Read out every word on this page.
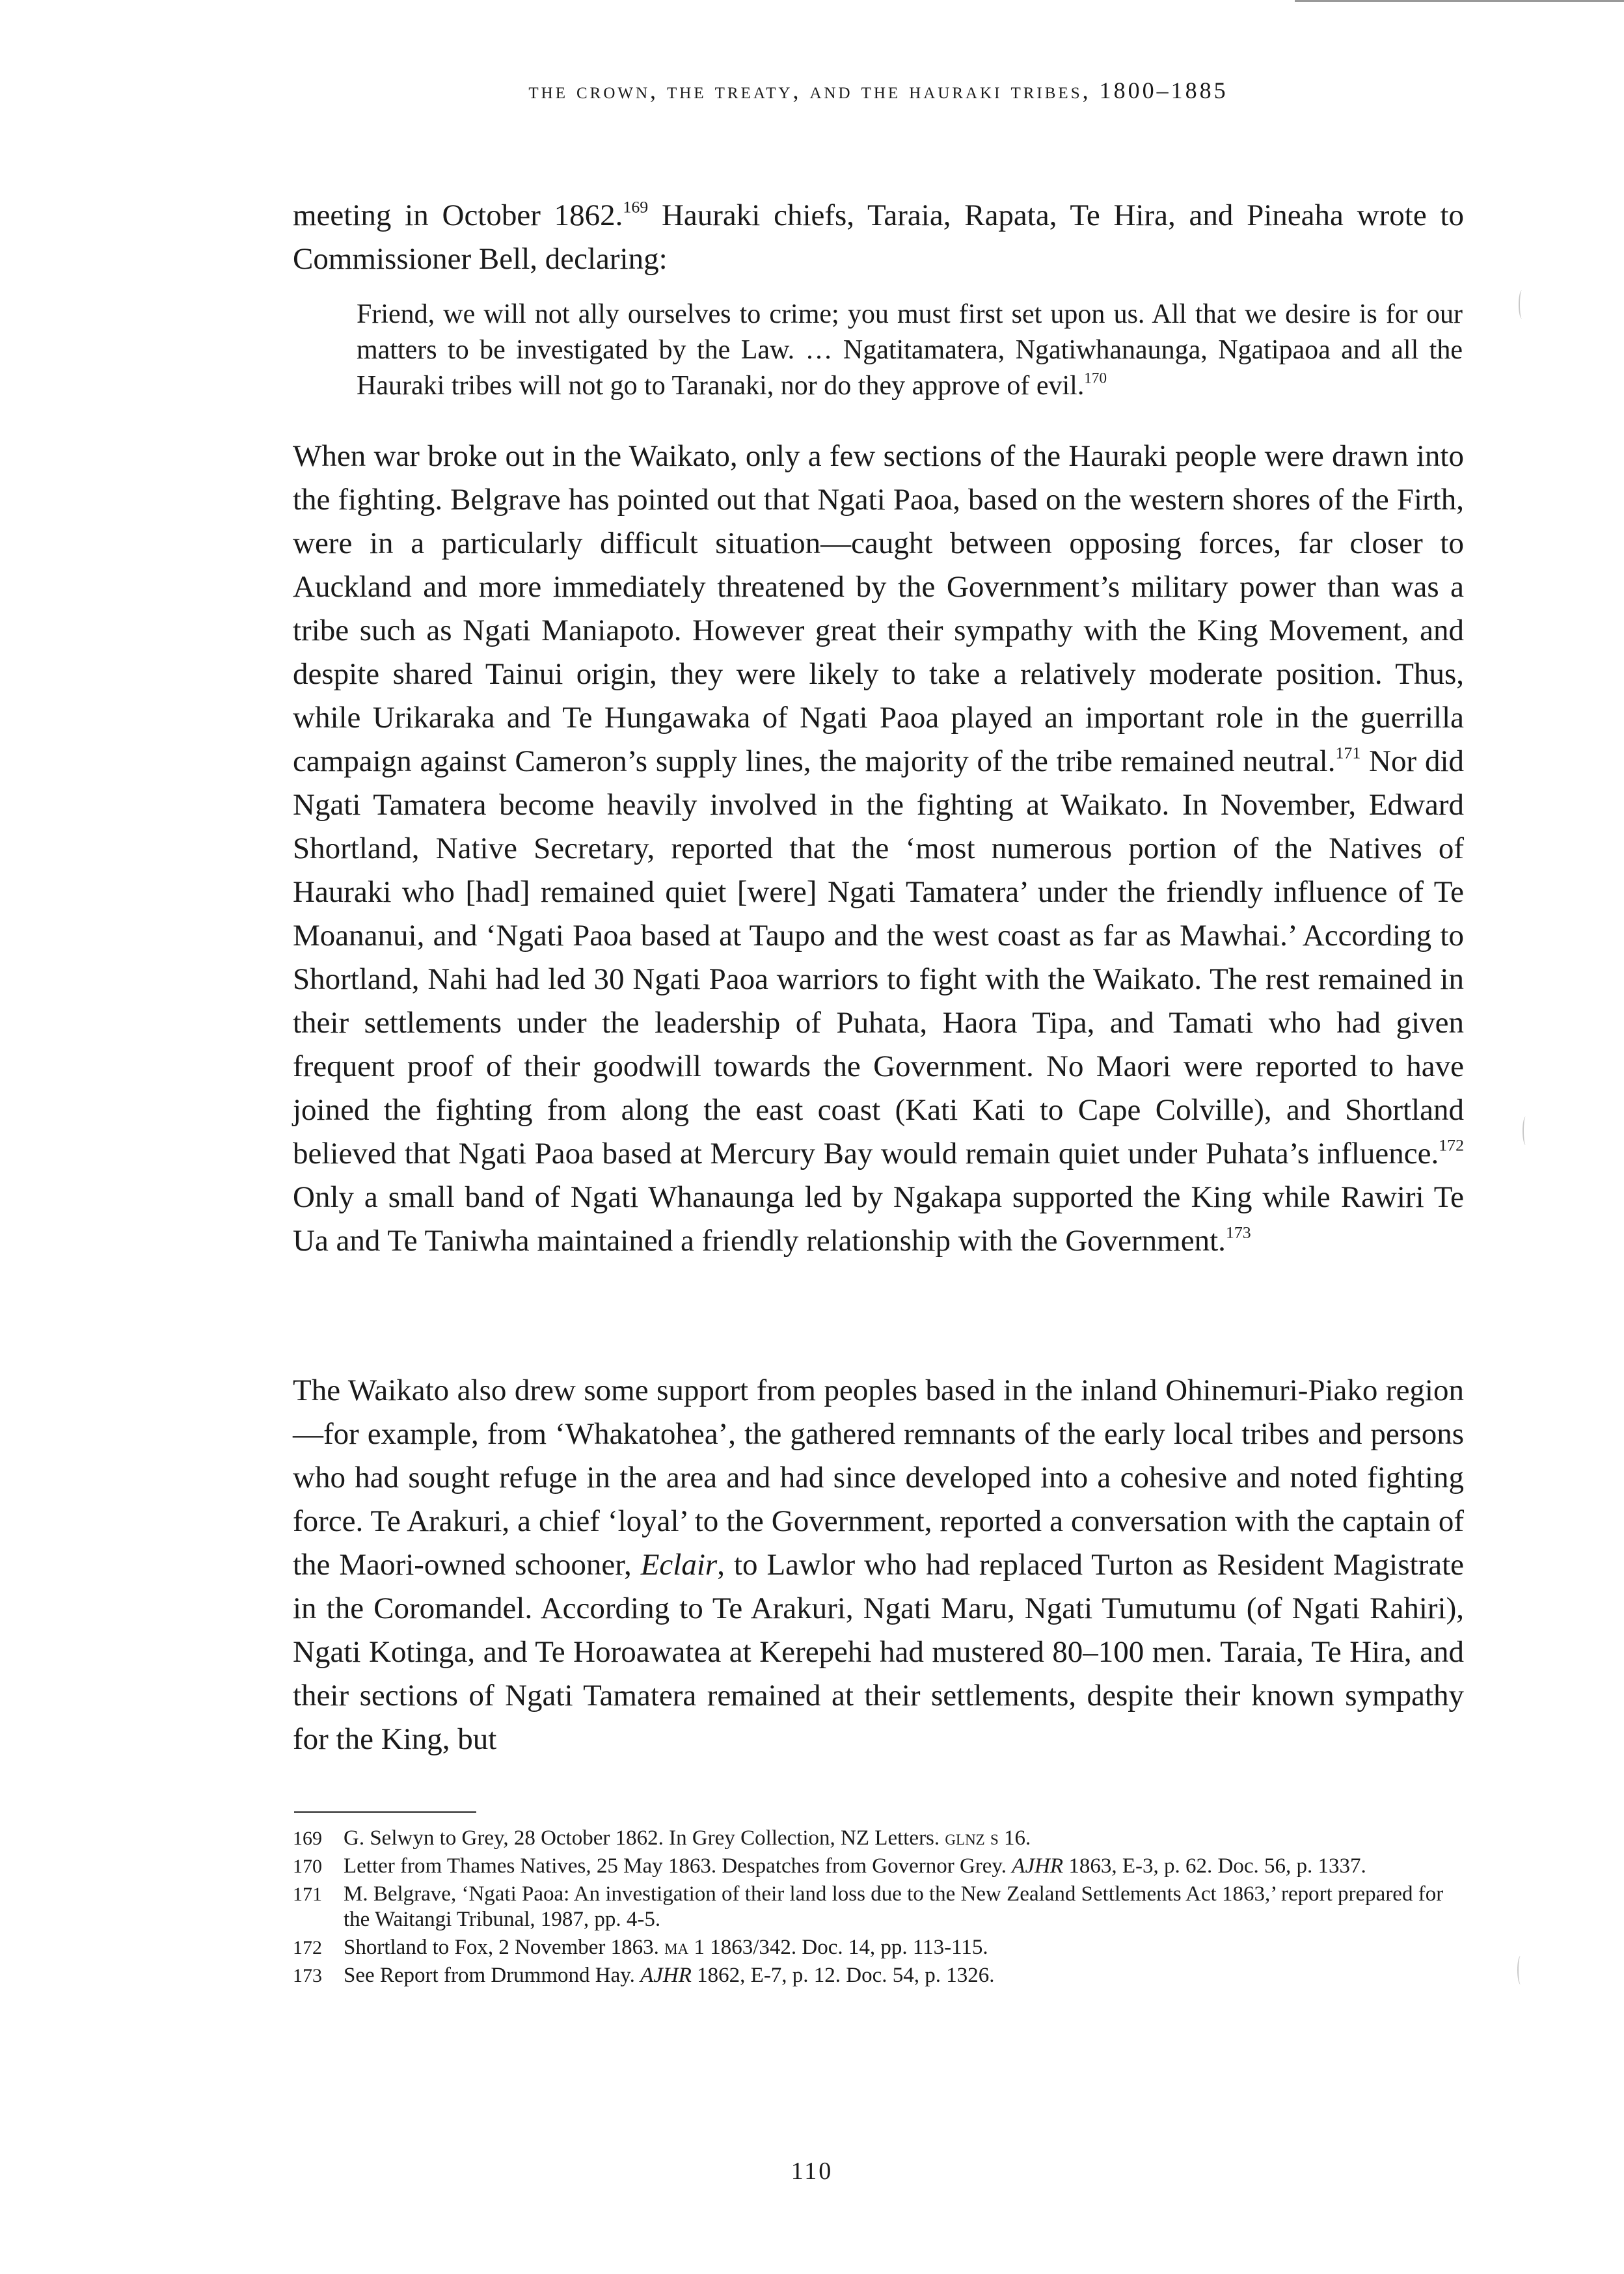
the crown, the treaty, and the hauraki tribes, 1800–1885

meeting in October 1862.$^{169}$ Hauraki chiefs, Taraia, Rapata, Te Hira, and Pineaha wrote to Commissioner Bell, declaring:

Friend, we will not ally ourselves to crime; you must first set upon us. All that we desire is for our matters to be investigated by the Law. … Ngatitamatera, Ngatiwhanaunga, Ngatipaoa and all the Hauraki tribes will not go to Taranaki, nor do they approve of evil.$^{170}$

When war broke out in the Waikato, only a few sections of the Hauraki people were drawn into the fighting. Belgrave has pointed out that Ngati Paoa, based on the western shores of the Firth, were in a particularly difficult situation—caught between opposing forces, far closer to Auckland and more immediately threatened by the Government’s military power than was a tribe such as Ngati Maniapoto. However great their sympathy with the King Movement, and despite shared Tainui origin, they were likely to take a relatively moderate position. Thus, while Urikaraka and Te Hungawaka of Ngati Paoa played an important role in the guerrilla campaign against Cameron’s supply lines, the majority of the tribe remained neutral.$^{171}$ Nor did Ngati Tamatera become heavily involved in the fighting at Waikato. In November, Edward Shortland, Native Secretary, reported that the ‘most numerous portion of the Natives of Hauraki who [had] remained quiet [were] Ngati Tamatera’ under the friendly influence of Te Moananui, and ‘Ngati Paoa based at Taupo and the west coast as far as Mawhai.’ According to Shortland, Nahi had led 30 Ngati Paoa warriors to fight with the Waikato. The rest remained in their settlements under the leadership of Puhata, Haora Tipa, and Tamati who had given frequent proof of their goodwill towards the Government. No Maori were reported to have joined the fighting from along the east coast (Kati Kati to Cape Colville), and Shortland believed that Ngati Paoa based at Mercury Bay would remain quiet under Puhata’s influence.$^{172}$ Only a small band of Ngati Whanaunga led by Ngakapa supported the King while Rawiri Te Ua and Te Taniwha maintained a friendly relationship with the Government.$^{173}$

The Waikato also drew some support from peoples based in the inland Ohinemuri-Piako region—for example, from ‘Whakatohea’, the gathered remnants of the early local tribes and persons who had sought refuge in the area and had since developed into a cohesive and noted fighting force. Te Arakuri, a chief ‘loyal’ to the Government, reported a conversation with the captain of the Maori-owned schooner, Eclair, to Lawlor who had replaced Turton as Resident Magistrate in the Coromandel. According to Te Arakuri, Ngati Maru, Ngati Tumutumu (of Ngati Rahiri), Ngati Kotinga, and Te Horoawatea at Kerepehi had mustered 80–100 men. Taraia, Te Hira, and their sections of Ngati Tamatera remained at their settlements, despite their known sympathy for the King, but

169 G. Selwyn to Grey, 28 October 1862. In Grey Collection, NZ Letters. glnz s 16.
170 Letter from Thames Natives, 25 May 1863. Despatches from Governor Grey. AJHR 1863, E-3, p. 62. Doc. 56, p. 1337.
171 M. Belgrave, ‘Ngati Paoa: An investigation of their land loss due to the New Zealand Settlements Act 1863,’ report prepared for the Waitangi Tribunal, 1987, pp. 4-5.
172 Shortland to Fox, 2 November 1863. ma 1 1863/342. Doc. 14, pp. 113-115.
173 See Report from Drummond Hay. AJHR 1862, E-7, p. 12. Doc. 54, p. 1326.
110
